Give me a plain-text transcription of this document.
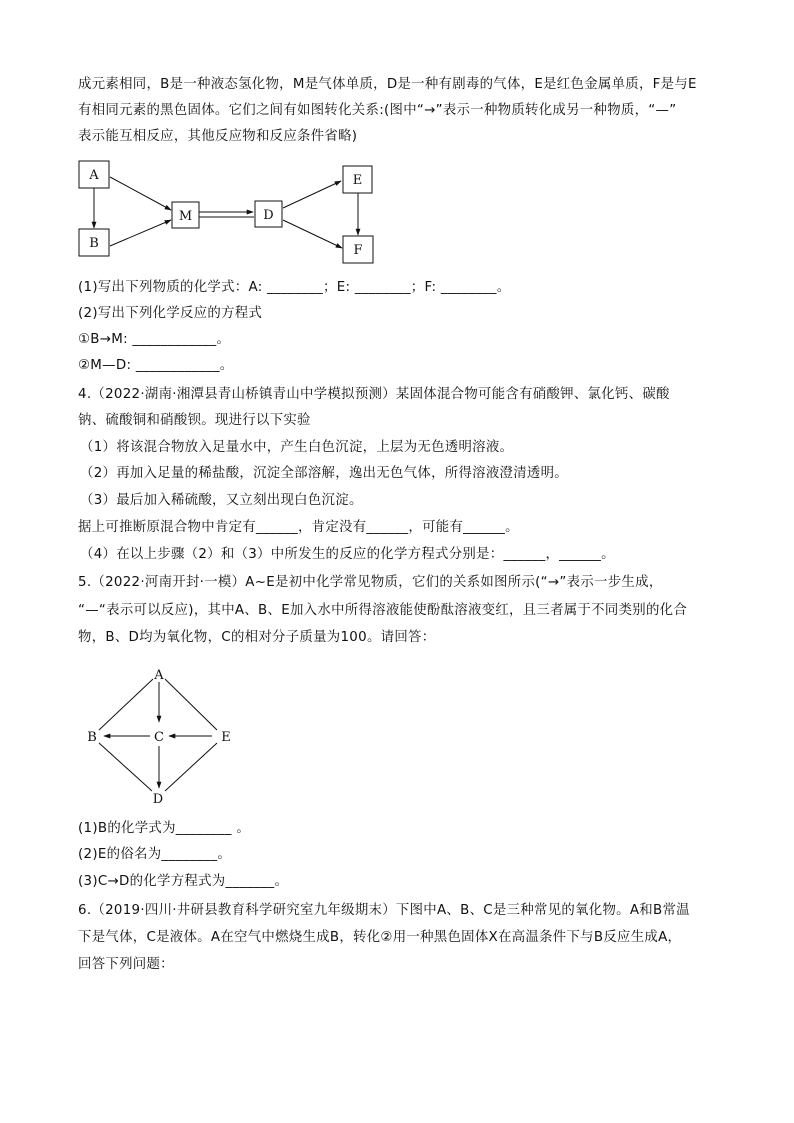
成元素相同，B是一种液态氢化物，M是气体单质，D是一种有剧毒的气体，E是红色金属单质，F是与E
有相同元素的黑色固体。它们之间有如图转化关系:(图中“→”表示一种物质转化成另一种物质，“—”
表示能互相反应，其他反应物和反应条件省略)
A
B
M	D
E
F
(1)写出下列物质的化学式：A: ________；E: ________；F: ________。
(2)写出下列化学反应的方程式
①B→M: ____________。
②M—D: ____________。
4.（2022·湖南·湘潭县青山桥镇青山中学模拟预测）某固体混合物可能含有硝酸钾、氯化钙、碳酸
钠、硫酸铜和硝酸钡。现进行以下实验
（1）将该混合物放入足量水中，产生白色沉淀，上层为无色透明溶液。
（2）再加入足量的稀盐酸，沉淀全部溶解，逸出无色气体，所得溶液澄清透明。
（3）最后加入稀硫酸，又立刻出现白色沉淀。
据上可推断原混合物中肯定有______，肯定没有______，可能有______。
（4）在以上步骤（2）和（3）中所发生的反应的化学方程式分别是：______，______。
5.（2022·河南开封·一模）A~E是初中化学常见物质，它们的关系如图所示(“→”表示一步生成，
“—“表示可以反应)，其中A、B、E加入水中所得溶液能使酚酞溶液变红，且三者属于不同类别的化合
物，B、D均为氧化物，C的相对分子质量为100。请回答：
A
B	C	E
D
(1)B的化学式为________ 。
(2)E的俗名为________。
(3)C→D的化学方程式为_______。
6.（2019·四川·井研县教育科学研究室九年级期末）下图中A、B、C是三种常见的氧化物。A和B常温
下是气体，C是液体。A在空气中燃烧生成B，转化②用一种黑色固体X在高温条件下与B反应生成A，
回答下列问题：
